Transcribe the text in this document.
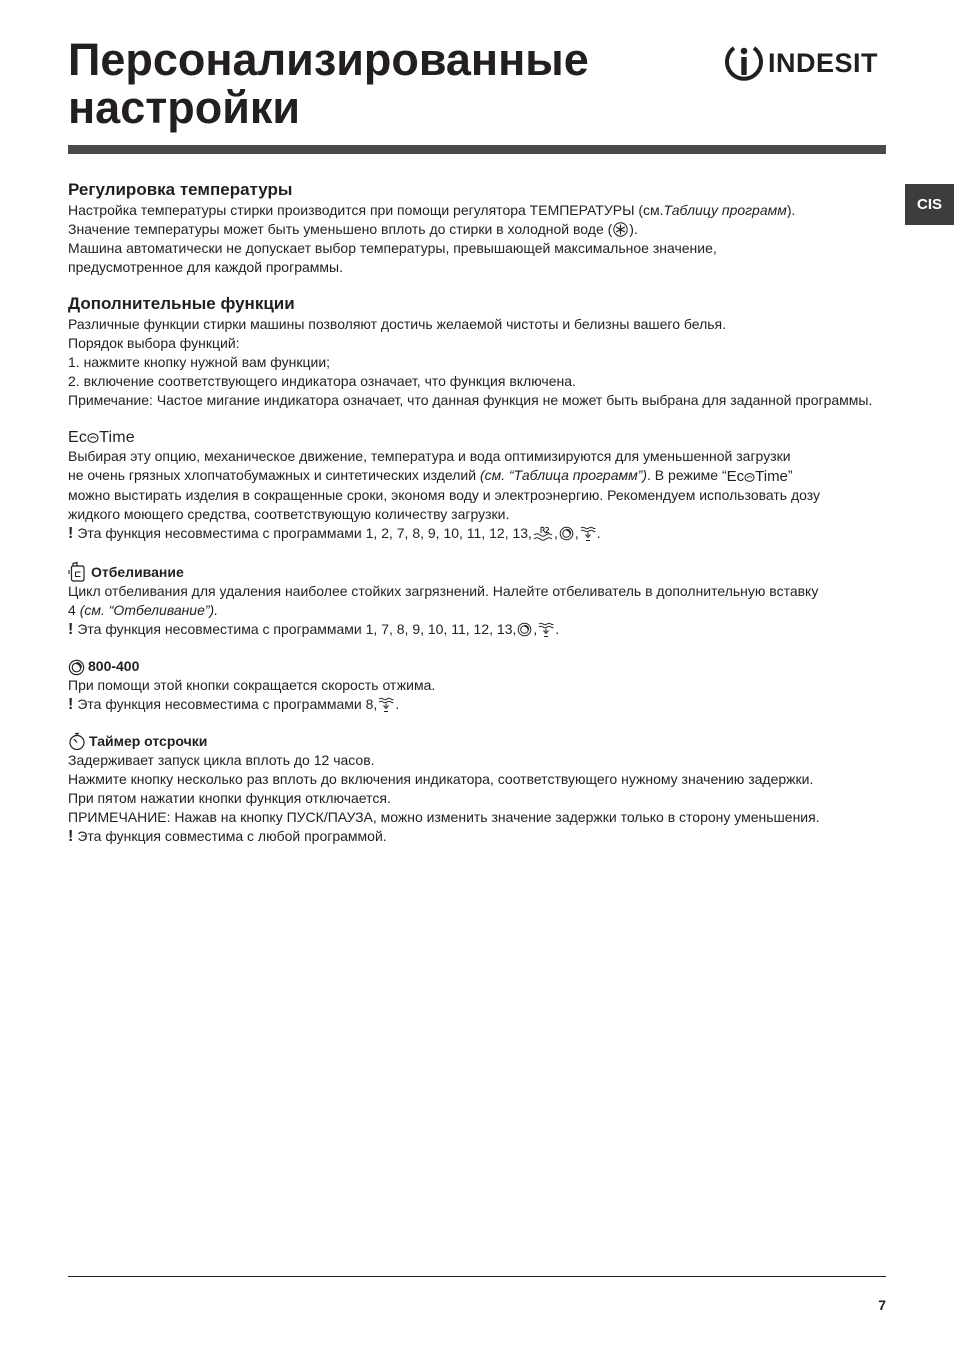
Персонализированные
настройки
INDESIT
CIS
Регулировка температуры

Настройка температуры стирки производится при помощи регулятора ТЕМПЕРАТУРЫ (см.Таблицу программ).

Значение температуры может быть уменьшено вплоть до стирки в холодной воде ( ).

Машина автоматически не допускает выбор температуры, превышающей максимальное значение,

предусмотренное для каждой программы.

Дополнительные функции

Различные функции стирки машины позволяют достичь желаемой чистоты и белизны вашего белья.

Порядок выбора функций:

1. нажмите кнопку нужной вам функции;

2. включение соответствующего индикатора означает, что функция включена.

Примечание: Частое мигание индикатора означает, что данная функция не может быть выбрана для заданной программы.

Ec Time

Выбирая эту опцию, механическое движение, температура и вода оптимизируются для уменьшенной загрузки

не очень грязных хлопчатобумажных и синтетических изделий (см. “Таблица программ”). В режиме “ Ec Time ”

можно выстирать изделия в сокращенные сроки, экономя воду и электроэнергию. Рекомендуем использовать дозу

жидкого моющего средства, соответствующую количеству загрузки.

! Эта функция несовместима с программами 1, 2, 7, 8, 9, 10, 11, 12, 13, , , .

Отбеливание

Цикл отбеливания для удаления наиболее стойких загрязнений. Налейте отбеливатель в дополнительную вставку

4 (см. “Отбеливание”).

! Эта функция несовместима с программами 1, 7, 8, 9, 10, 11, 12, 13, , .

800-400

При помощи этой кнопки сокращается скорость отжима.

! Эта функция несовместима с программами 8, .

Таймер отсрочки

Задерживает запуск цикла вплоть до 12 часов.

Нажмите кнопку несколько раз вплоть до включения индикатора, соответствующего нужному значению задержки.

При пятом нажатии кнопки функция отключается.

ПРИМЕЧАНИЕ: Нажав на кнопку ПУСК/ПАУЗА, можно изменить значение задержки только в сторону уменьшения.

! Эта функция совместима с любой программой.

7
